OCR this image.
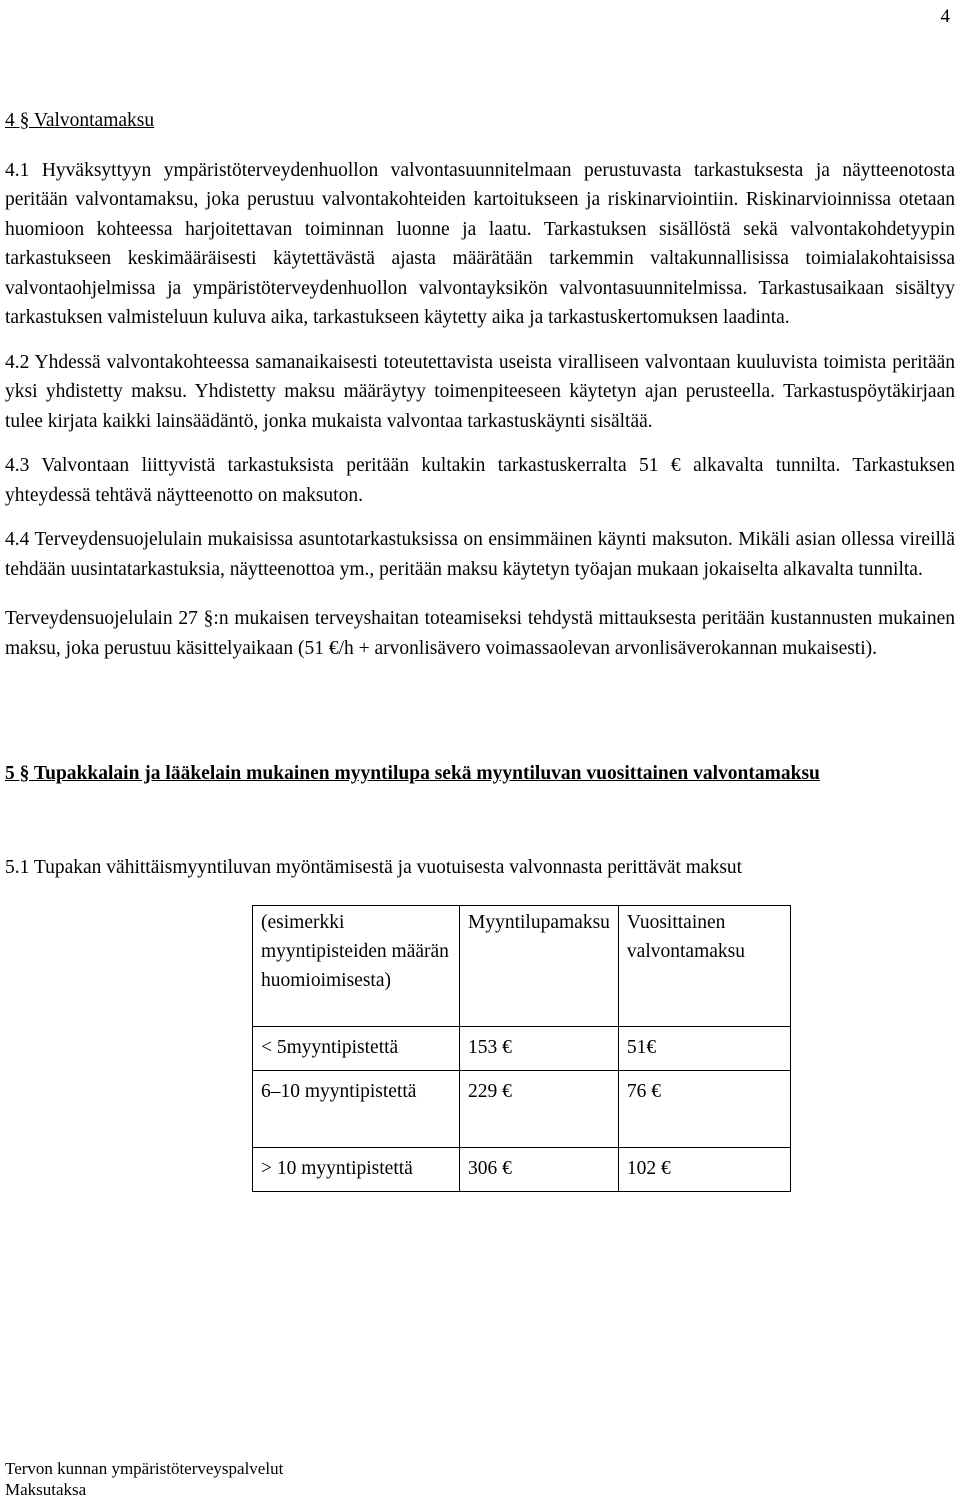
4
4 § Valvontamaksu

4.1 Hyväksyttyyn ympäristöterveydenhuollon valvontasuunnitelmaan perustuvasta tarkastuksesta ja näytteenotosta peritään valvontamaksu, joka perustuu valvontakohteiden kartoitukseen ja riskinarviointiin. Riskinarvioinnissa otetaan huomioon kohteessa harjoitettavan toiminnan luonne ja laatu. Tarkastuksen sisällöstä sekä valvontakohdetyypin tarkastukseen keskimääräisesti käytettävästä ajasta määrätään tarkemmin valtakunnallisissa toimialakohtaisissa valvontaohjelmissa ja ympäristöterveydenhuollon valvontayksikön valvontasuunnitelmissa. Tarkastusaikaan sisältyy tarkastuksen valmisteluun kuluva aika, tarkastukseen käytetty aika ja tarkastuskertomuksen laadinta.

4.2 Yhdessä valvontakohteessa samanaikaisesti toteutettavista useista viralliseen valvontaan kuuluvista toimista peritään yksi yhdistetty maksu. Yhdistetty maksu määräytyy toimenpiteeseen käytetyn ajan perusteella. Tarkastuspöytäkirjaan tulee kirjata kaikki lainsäädäntö, jonka mukaista valvontaa tarkastuskäynti sisältää.

4.3 Valvontaan liittyvistä tarkastuksista peritään kultakin tarkastuskerralta 51 € alkavalta tunnilta. Tarkastuksen yhteydessä tehtävä näytteenotto on maksuton.

4.4 Terveydensuojelulain mukaisissa asuntotarkastuksissa on ensimmäinen käynti maksuton. Mikäli asian ollessa vireillä tehdään uusintatarkastuksia, näytteenottoa ym., peritään maksu käytetyn työajan mukaan jokaiselta alkavalta tunnilta.

Terveydensuojelulain 27 §:n mukaisen terveyshaitan toteamiseksi tehdystä mittauksesta peritään kustannusten mukainen maksu, joka perustuu käsittelyaikaan (51 €/h + arvonlisävero voimassaolevan arvonlisäverokannan mukaisesti).

5 § Tupakkalain ja lääkelain mukainen myyntilupa sekä myyntiluvan vuosittainen valvontamaksu

5.1 Tupakan vähittäismyyntiluvan myöntämisestä ja vuotuisesta valvonnasta perittävät maksut

(esimerkki myyntipisteiden määrän huomioimisesta)	Myyntilupamaksu	Vuosittainen valvontamaksu
< 5myyntipistettä	153 €	51€
6–10 myyntipistettä	229 €	76 €
> 10 myyntipistettä	306 €	102 €
Tervon kunnan ympäristöterveyspalvelut
Maksutaksa
